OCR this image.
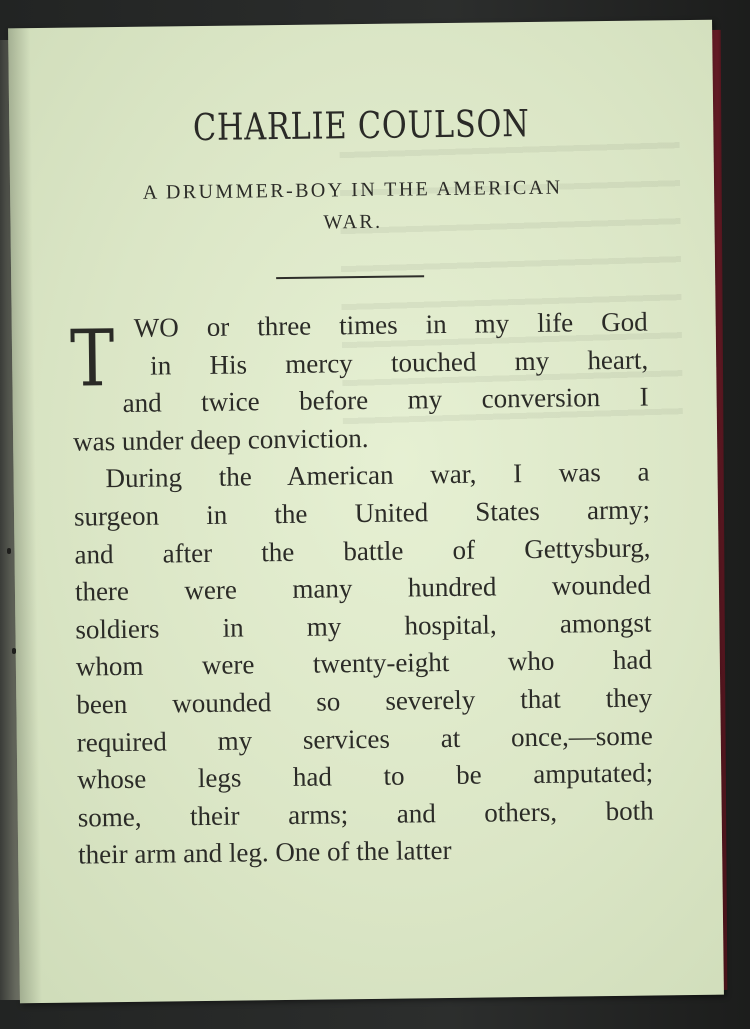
CHARLIE COULSON

A DRUMMER-BOY IN THE AMERICAN
WAR.

T WO or three times in my life God
in His mercy touched my heart,
and twice before my conversion I
was under deep conviction.
During the American war, I was a
surgeon in the United States army;
and after the battle of Gettysburg,
there were many hundred wounded
soldiers in my hospital, amongst
whom were twenty-eight who had
been wounded so severely that they
required my services at once,—some
whose legs had to be amputated;
some, their arms; and others, both
their arm and leg. One of the latter
